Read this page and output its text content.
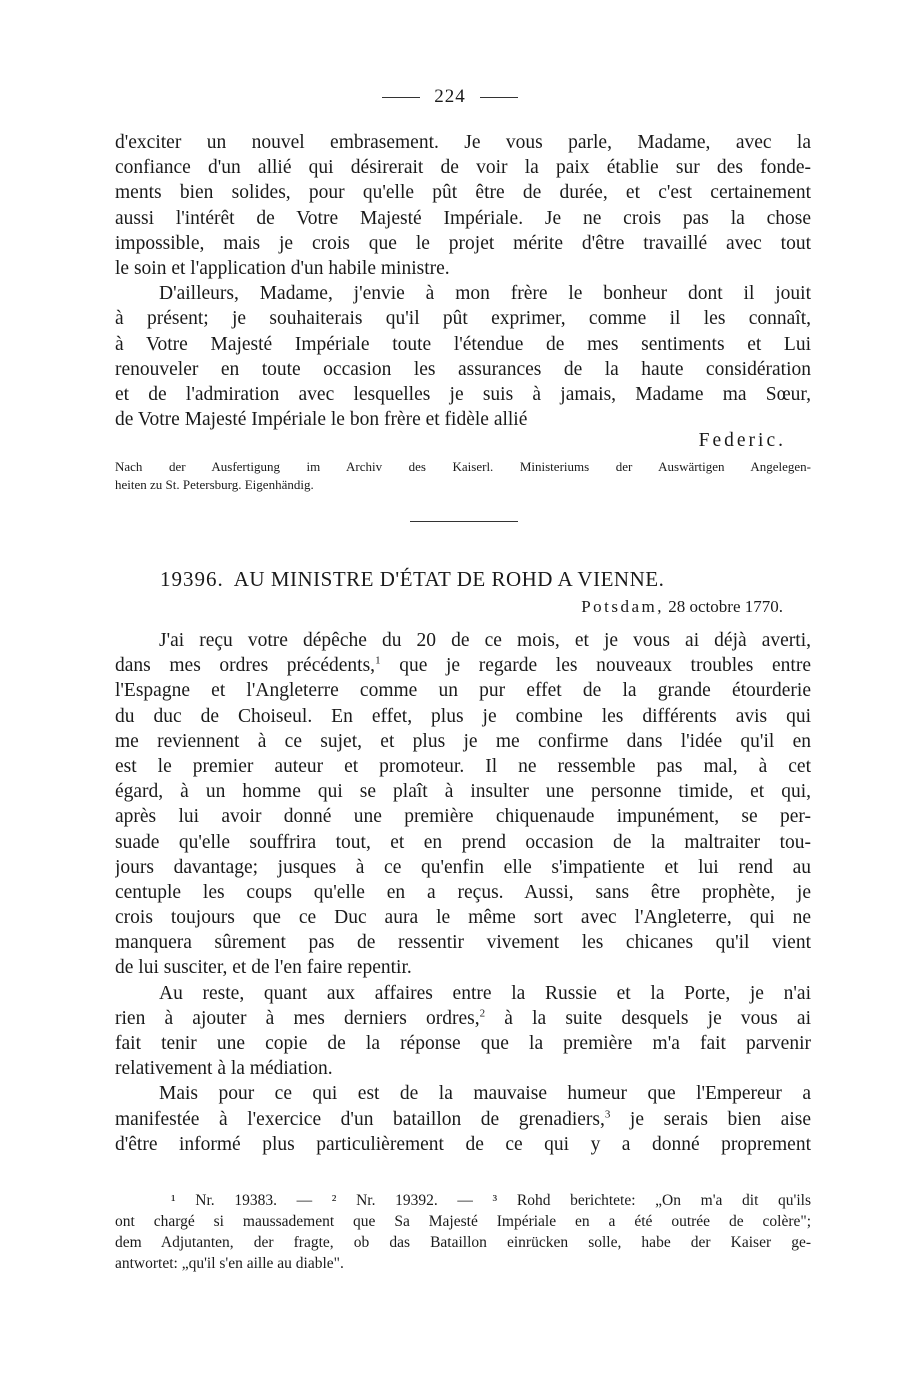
224
d'exciter un nouvel embrasement. Je vous parle, Madame, avec la
confiance d'un allié qui désirerait de voir la paix établie sur des fonde-
ments bien solides, pour qu'elle pût être de durée, et c'est certainement
aussi l'intérêt de Votre Majesté Impériale. Je ne crois pas la chose
impossible, mais je crois que le projet mérite d'être travaillé avec tout
le soin et l'application d'un habile ministre.
D'ailleurs, Madame, j'envie à mon frère le bonheur dont il jouit
à présent; je souhaiterais qu'il pût exprimer, comme il les connaît,
à Votre Majesté Impériale toute l'étendue de mes sentiments et Lui
renouveler en toute occasion les assurances de la haute considération
et de l'admiration avec lesquelles je suis à jamais, Madame ma Sœur,
de Votre Majesté Impériale le bon frère et fidèle allié
Federic.
Nach der Ausfertigung im Archiv des Kaiserl. Ministeriums der Auswärtigen Angelegen-
heiten zu St. Petersburg. Eigenhändig.
19396. AU MINISTRE D'ÉTAT DE ROHD A VIENNE.
Potsdam, 28 octobre 1770.
J'ai reçu votre dépêche du 20 de ce mois, et je vous ai déjà averti,
dans mes ordres précédents,$^1$ que je regarde les nouveaux troubles entre
l'Espagne et l'Angleterre comme un pur effet de la grande étourderie
du duc de Choiseul. En effet, plus je combine les différents avis qui
me reviennent à ce sujet, et plus je me confirme dans l'idée qu'il en
est le premier auteur et promoteur. Il ne ressemble pas mal, à cet
égard, à un homme qui se plaît à insulter une personne timide, et qui,
après lui avoir donné une première chiquenaude impunément, se per-
suade qu'elle souffrira tout, et en prend occasion de la maltraiter tou-
jours davantage; jusques à ce qu'enfin elle s'impatiente et lui rend au
centuple les coups qu'elle en a reçus. Aussi, sans être prophète, je
crois toujours que ce Duc aura le même sort avec l'Angleterre, qui ne
manquera sûrement pas de ressentir vivement les chicanes qu'il vient
de lui susciter, et de l'en faire repentir.
Au reste, quant aux affaires entre la Russie et la Porte, je n'ai
rien à ajouter à mes derniers ordres,$^2$ à la suite desquels je vous ai
fait tenir une copie de la réponse que la première m'a fait parvenir
relativement à la médiation.
Mais pour ce qui est de la mauvaise humeur que l'Empereur a
manifestée à l'exercice d'un bataillon de grenadiers,$^3$ je serais bien aise
d'être informé plus particulièrement de ce qui y a donné proprement
¹ Nr. 19383. — ² Nr. 19392. — ³ Rohd berichtete: „On m'a dit qu'ils
ont chargé si maussadement que Sa Majesté Impériale en a été outrée de colère";
dem Adjutanten, der fragte, ob das Bataillon einrücken solle, habe der Kaiser ge-
antwortet: „qu'il s'en aille au diable".
